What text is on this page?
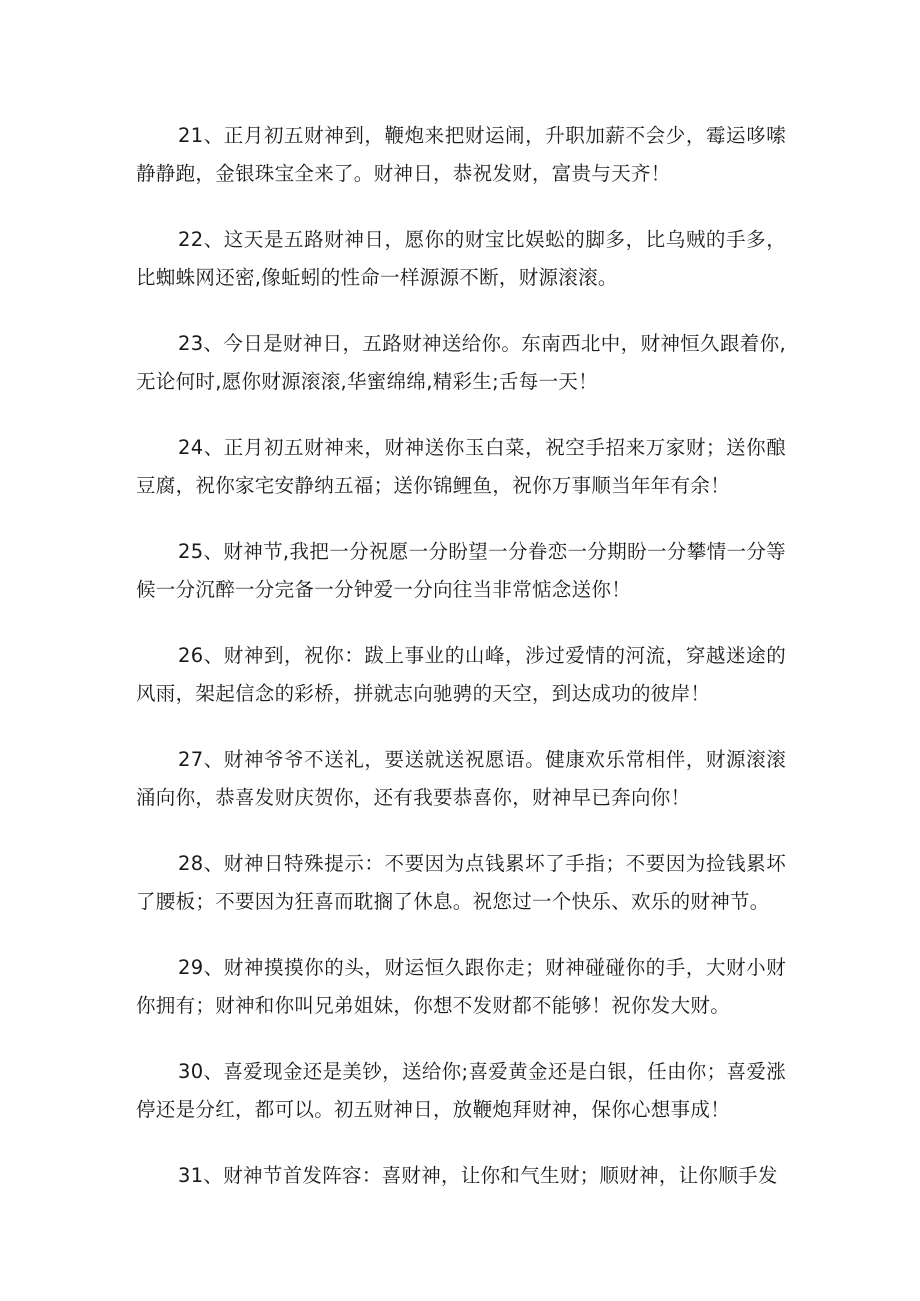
21、正月初五财神到，鞭炮来把财运闹，升职加薪不会少，霉运哆嗦静静跑，金银珠宝全来了。财神日，恭祝发财，富贵与天齐！

22、这天是五路财神日，愿你的财宝比娱蚣的脚多，比乌贼的手多，比蜘蛛网还密,像蚯蚓的性命一样源源不断，财源滚滚。

23、今日是财神日，五路财神送给你。东南西北中，财神恒久跟着你,无论何时,愿你财源滚滚,华蜜绵绵,精彩生;舌每一天！

24、正月初五财神来，财神送你玉白菜，祝空手招来万家财；送你酿豆腐，祝你家宅安静纳五福；送你锦鲤鱼，祝你万事顺当年年有余！

25、财神节,我把一分祝愿一分盼望一分眷恋一分期盼一分攀情一分等候一分沉醉一分完备一分钟爱一分向往当非常惦念送你！

26、财神到，祝你：跋上事业的山峰，涉过爱情的河流，穿越迷途的风雨，架起信念的彩桥，拼就志向驰骋的天空，到达成功的彼岸！

27、财神爷爷不送礼，要送就送祝愿语。健康欢乐常相伴，财源滚滚涌向你，恭喜发财庆贺你，还有我要恭喜你，财神早已奔向你！

28、财神日特殊提示：不要因为点钱累坏了手指；不要因为捡钱累坏了腰板；不要因为狂喜而耽搁了休息。祝您过一个快乐、欢乐的财神节。

29、财神摸摸你的头，财运恒久跟你走；财神碰碰你的手，大财小财你拥有；财神和你叫兄弟姐妹，你想不发财都不能够！祝你发大财。

30、喜爱现金还是美钞，送给你;喜爱黄金还是白银，任由你；喜爱涨停还是分红，都可以。初五财神日，放鞭炮拜财神，保你心想事成！

31、财神节首发阵容：喜财神，让你和气生财；顺财神，让你顺手发
